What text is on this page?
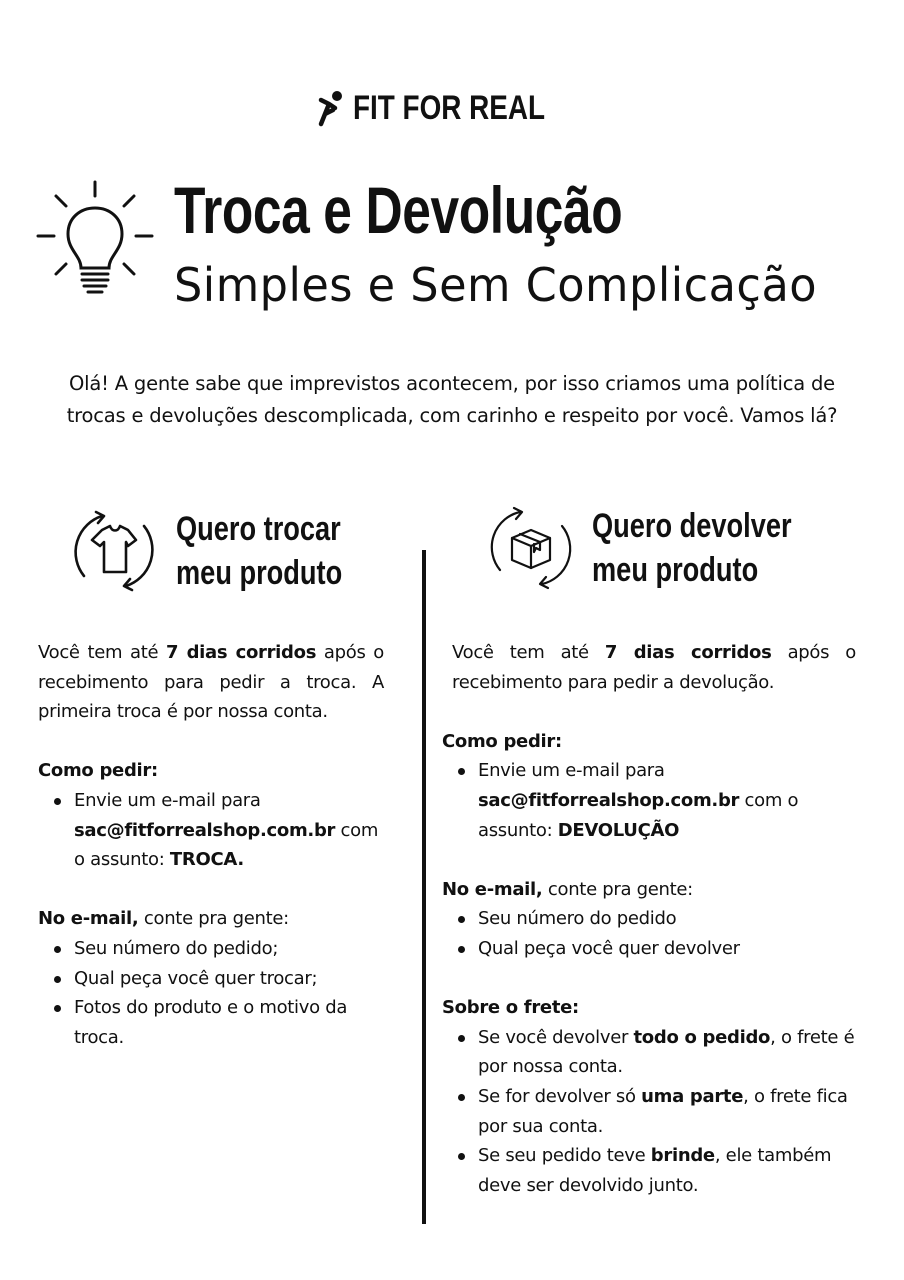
FIT FOR REAL
Troca e Devolução
Simples e Sem Complicação
Olá! A gente sabe que imprevistos acontecem, por isso criamos uma política de
trocas e devoluções descomplicada, com carinho e respeito por você. Vamos lá?
Quero trocar
meu produto
Quero devolver
meu produto

Você tem até 7 dias corridos após o recebimento para pedir a troca. A primeira troca é por nossa conta.

Como pedir:

Envie um e-mail para sac@fitforrealshop.com.br com o assunto: TROCA.

No e-mail, conte pra gente:

Seu número do pedido;
Qual peça você quer trocar;
Fotos do produto e o motivo da troca.

Você tem até 7 dias corridos após o recebimento para pedir a devolução.

Como pedir:

Envie um e-mail para sac@fitforrealshop.com.br com o assunto: DEVOLUÇÃO

No e-mail, conte pra gente:

Seu número do pedido
Qual peça você quer devolver

Sobre o frete:

Se você devolver todo o pedido, o frete é por nossa conta.
Se for devolver só uma parte, o frete fica por sua conta.
Se seu pedido teve brinde, ele também deve ser devolvido junto.
